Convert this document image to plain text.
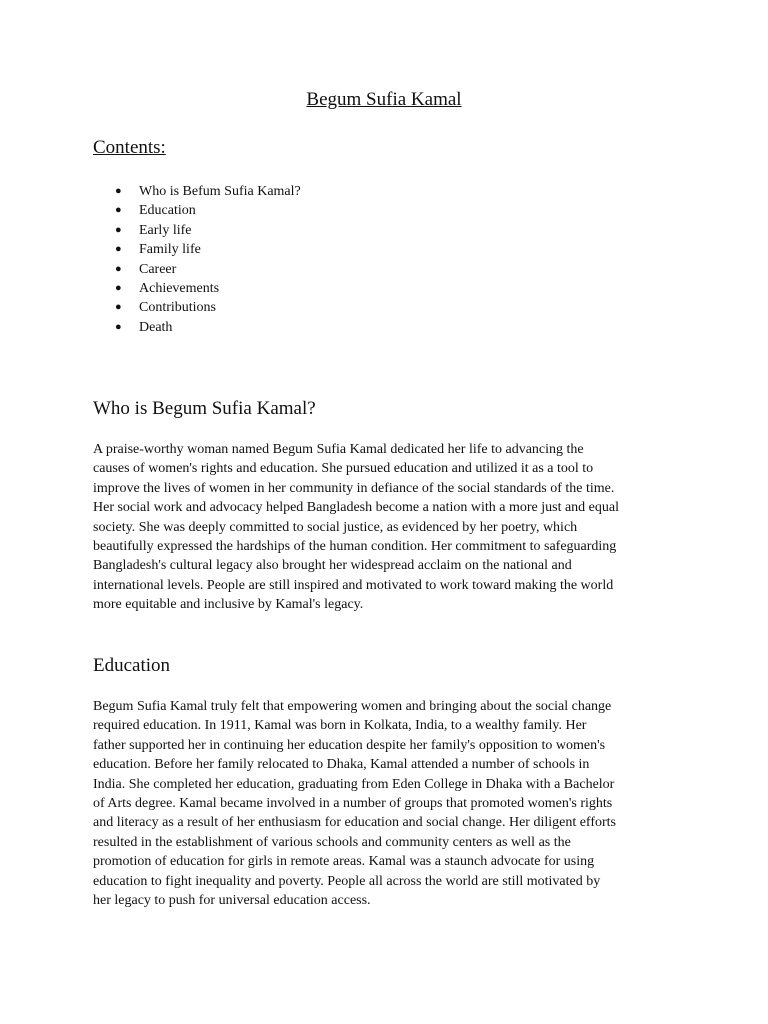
Begum Sufia Kamal
Contents:
● Who is Befum Sufia Kamal?
● Education
● Early life
● Family life
● Career
● Achievements
● Contributions
● Death
Who is Begum Sufia Kamal?

A praise-worthy woman named Begum Sufia Kamal dedicated her life to advancing the
causes of women's rights and education. She pursued education and utilized it as a tool to
improve the lives of women in her community in defiance of the social standards of the time.
Her social work and advocacy helped Bangladesh become a nation with a more just and equal
society. She was deeply committed to social justice, as evidenced by her poetry, which
beautifully expressed the hardships of the human condition. Her commitment to safeguarding
Bangladesh's cultural legacy also brought her widespread acclaim on the national and
international levels. People are still inspired and motivated to work toward making the world
more equitable and inclusive by Kamal's legacy.

Education

Begum Sufia Kamal truly felt that empowering women and bringing about the social change
required education. In 1911, Kamal was born in Kolkata, India, to a wealthy family. Her
father supported her in continuing her education despite her family's opposition to women's
education. Before her family relocated to Dhaka, Kamal attended a number of schools in
India. She completed her education, graduating from Eden College in Dhaka with a Bachelor
of Arts degree. Kamal became involved in a number of groups that promoted women's rights
and literacy as a result of her enthusiasm for education and social change. Her diligent efforts
resulted in the establishment of various schools and community centers as well as the
promotion of education for girls in remote areas. Kamal was a staunch advocate for using
education to fight inequality and poverty. People all across the world are still motivated by
her legacy to push for universal education access.
